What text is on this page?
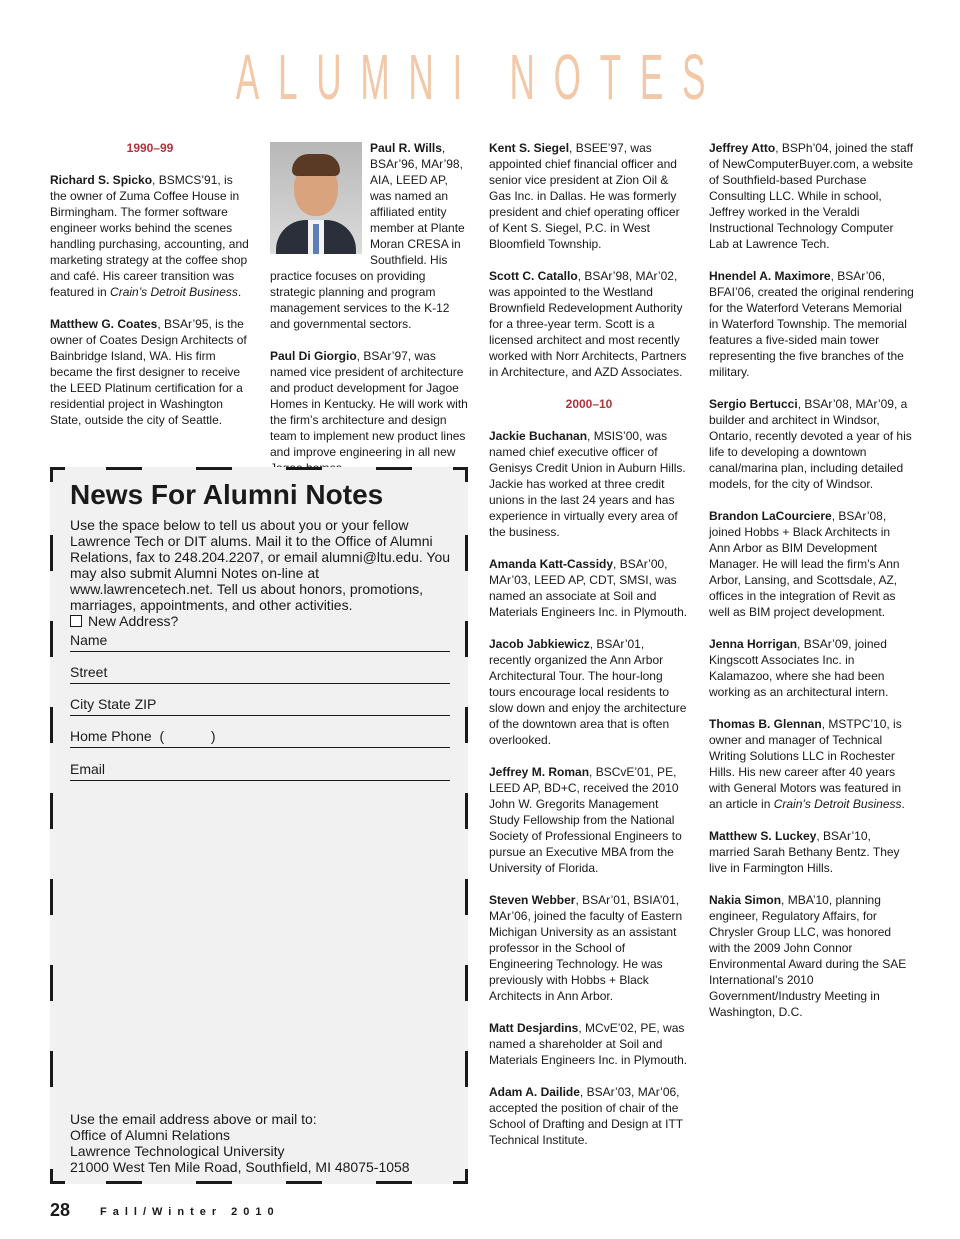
ALUMNI NOTES
1990–99

Richard S. Spicko, BSMCS’91, is the owner of Zuma Coffee House in Birmingham. The former software engineer works behind the scenes handling purchasing, accounting, and marketing strategy at the coffee shop and café. His career transition was featured in Crain’s Detroit Business.

Matthew G. Coates, BSAr’95, is the owner of Coates Design Architects of Bainbridge Island, WA. His firm became the first designer to receive the LEED Platinum certification for a residential project in Washington State, outside the city of Seattle.

Paul R. Wills, BSAr’96, MAr’98, AIA, LEED AP, was named an affiliated entity member at Plante Moran CRESA in Southfield. His practice focuses on providing strategic planning and program management services to the K-12 and governmental sectors.

Paul Di Giorgio, BSAr’97, was named vice president of architecture and product development for Jagoe Homes in Kentucky. He will work with the firm’s architecture and design team to implement new product lines and improve engineering in all new

Kent S. Siegel, BSEE’97, was appointed chief financial officer and senior vice president at Zion Oil & Gas Inc. in Dallas. He was formerly president and chief operating officer of Kent S. Siegel, P.C. in West Bloomfield Township.

Scott C. Catallo, BSAr’98, MAr’02, was appointed to the Westland Brownfield Redevelopment Authority for a three-year term. Scott is a licensed architect and most recently worked with Norr Architects, Partners in Architecture, and AZD Associates.

2000–10

Jackie Buchanan, MSIS’00, was named chief executive officer of Genisys Credit Union in Auburn Hills. Jackie has worked at three credit unions in the last 24 years and has experience in virtually every area of the business.

Amanda Katt-Cassidy, BSAr’00, MAr’03, LEED AP, CDT, SMSI, was named an associate at Soil and Materials Engineers Inc. in Plymouth.

Jacob Jabkiewicz, BSAr’01, recently organized the Ann Arbor Architectural Tour. The hour-long tours encourage local residents to slow down and enjoy the architecture of the downtown area that is often overlooked.

Jeffrey M. Roman, BSCvE’01, PE, LEED AP, BD+C, received the 2010 John W. Gregorits Management Study Fellowship from the National Society of Professional Engineers to pursue an Executive MBA from the University of Florida.

Steven Webber, BSAr’01, BSIA’01, MAr’06, joined the faculty of Eastern Michigan University as an assistant professor in the School of Engineering Technology. He was previously with Hobbs + Black Architects in Ann Arbor.

Matt Desjardins, MCvE’02, PE, was named a shareholder at Soil and Materials Engineers Inc. in Plymouth.

Adam A. Dailide, BSAr’03, MAr’06, accepted the position of chair of the School of Drafting and Design at ITT Technical Institute.

Jeffrey Atto, BSPh’04, joined the staff of NewComputerBuyer.com, a website of Southfield-based Purchase Consulting LLC. While in school, Jeffrey worked in the Veraldi Instructional Technology Computer Lab at Lawrence Tech.

Hnendel A. Maximore, BSAr’06, BFAI’06, created the original rendering for the Waterford Veterans Memorial in Waterford Township. The memorial features a five-sided main tower representing the five branches of the military.

Sergio Bertucci, BSAr’08, MAr’09, a builder and architect in Windsor, Ontario, recently devoted a year of his life to developing a downtown canal/marina plan, including detailed models, for the city of Windsor.

Brandon LaCourciere, BSAr’08, joined Hobbs + Black Architects in Ann Arbor as BIM Development Manager. He will lead the firm’s Ann Arbor, Lansing, and Scottsdale, AZ, offices in the integration of Revit as well as BIM project development.

Jenna Horrigan, BSAr’09, joined Kingscott Associates Inc. in Kalamazoo, where she had been working as an architectural intern.

Thomas B. Glennan, MSTPC’10, is owner and manager of Technical Writing Solutions LLC in Rochester Hills. His new career after 40 years with General Motors was featured in an article in Crain’s Detroit Business.

Matthew S. Luckey, BSAr’10, married Sarah Bethany Bentz. They live in Farmington Hills.

Nakia Simon, MBA’10, planning engineer, Regulatory Affairs, for Chrysler Group LLC, was honored with the 2009 John Connor Environmental Award during the SAE International’s 2010 Government/Industry Meeting in Washington, D.C.

News For Alumni Notes
Use the space below to tell us about you or your fellow Lawrence Tech or DIT alums. Mail it to the Office of Alumni Relations, fax to 248.204.2207, or email alumni@ltu.edu. You may also submit Alumni Notes on-line at www.lawrencetech.net. Tell us about honors, promotions, marriages, appointments, and other activities.
New Address?
Name
Street
City State ZIP
Home Phone  (            )
Email
Use the email address above or mail to:
Office of Alumni Relations
Lawrence Technological University
21000 West Ten Mile Road, Southfield, MI 48075-1058
28	Fall/Winter 2010
